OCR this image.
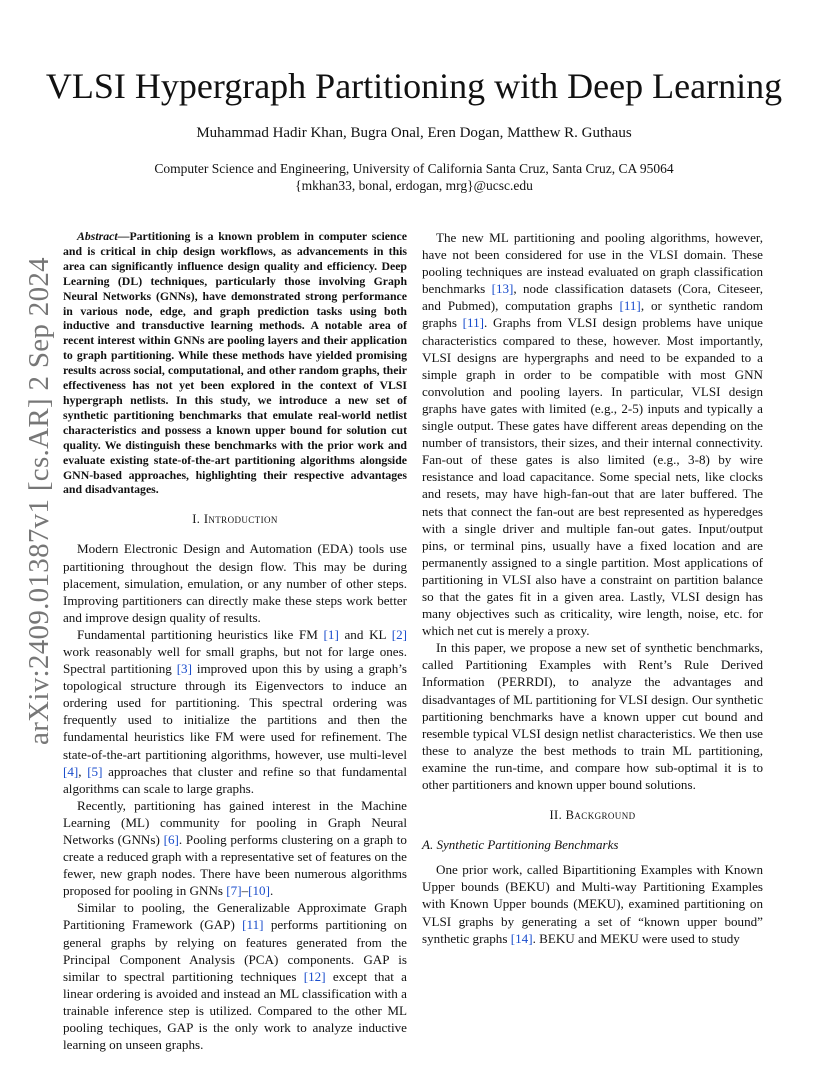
arXiv:2409.01387v1 [cs.AR] 2 Sep 2024
VLSI Hypergraph Partitioning with Deep Learning
Muhammad Hadir Khan, Bugra Onal, Eren Dogan, Matthew R. Guthaus
Computer Science and Engineering, University of California Santa Cruz, Santa Cruz, CA 95064
{mkhan33, bonal, erdogan, mrg}@ucsc.edu

Abstract—Partitioning is a known problem in computer science and is critical in chip design workflows, as advancements in this area can significantly influence design quality and efficiency. Deep Learning (DL) techniques, particularly those involving Graph Neural Networks (GNNs), have demonstrated strong performance in various node, edge, and graph prediction tasks using both inductive and transductive learning methods. A notable area of recent interest within GNNs are pooling layers and their application to graph partitioning. While these methods have yielded promising results across social, computational, and other random graphs, their effectiveness has not yet been explored in the context of VLSI hypergraph netlists. In this study, we introduce a new set of synthetic partitioning benchmarks that emulate real-world netlist characteristics and possess a known upper bound for solution cut quality. We distinguish these benchmarks with the prior work and evaluate existing state-of-the-art partitioning algorithms alongside GNN-based approaches, highlighting their respective advantages and disadvantages.

I. Introduction

Modern Electronic Design and Automation (EDA) tools use partitioning throughout the design flow. This may be during placement, simulation, emulation, or any number of other steps. Improving partitioners can directly make these steps work better and improve design quality of results.

Fundamental partitioning heuristics like FM [1] and KL [2] work reasonably well for small graphs, but not for large ones. Spectral partitioning [3] improved upon this by using a graph’s topological structure through its Eigenvectors to induce an ordering used for partitioning. This spectral ordering was frequently used to initialize the partitions and then the fundamental heuristics like FM were used for refinement. The state-of-the-art partitioning algorithms, however, use multi-level [4], [5] approaches that cluster and refine so that fundamental algorithms can scale to large graphs.

Recently, partitioning has gained interest in the Machine Learning (ML) community for pooling in Graph Neural Networks (GNNs) [6]. Pooling performs clustering on a graph to create a reduced graph with a representative set of features on the fewer, new graph nodes. There have been numerous algorithms proposed for pooling in GNNs [7]–[10].

Similar to pooling, the Generalizable Approximate Graph Partitioning Framework (GAP) [11] performs partitioning on general graphs by relying on features generated from the Principal Component Analysis (PCA) components. GAP is similar to spectral partitioning techniques [12] except that a linear ordering is avoided and instead an ML classification with a trainable inference step is utilized. Compared to the other ML pooling techiques, GAP is the only work to analyze inductive learning on unseen graphs.

The new ML partitioning and pooling algorithms, however, have not been considered for use in the VLSI domain. These pooling techniques are instead evaluated on graph classification benchmarks [13], node classification datasets (Cora, Citeseer, and Pubmed), computation graphs [11], or synthetic random graphs [11]. Graphs from VLSI design problems have unique characteristics compared to these, however. Most importantly, VLSI designs are hypergraphs and need to be expanded to a simple graph in order to be compatible with most GNN convolution and pooling layers. In particular, VLSI design graphs have gates with limited (e.g., 2-5) inputs and typically a single output. These gates have different areas depending on the number of transistors, their sizes, and their internal connectivity. Fan-out of these gates is also limited (e.g., 3-8) by wire resistance and load capacitance. Some special nets, like clocks and resets, may have high-fan-out that are later buffered. The nets that connect the fan-out are best represented as hyperedges with a single driver and multiple fan-out gates. Input/output pins, or terminal pins, usually have a fixed location and are permanently assigned to a single partition. Most applications of partitioning in VLSI also have a constraint on partition balance so that the gates fit in a given area. Lastly, VLSI design has many objectives such as criticality, wire length, noise, etc. for which net cut is merely a proxy.

In this paper, we propose a new set of synthetic benchmarks, called Partitioning Examples with Rent’s Rule Derived Information (PERRDI), to analyze the advantages and disadvantages of ML partitioning for VLSI design. Our synthetic partitioning benchmarks have a known upper cut bound and resemble typical VLSI design netlist characteristics. We then use these to analyze the best methods to train ML partitioning, examine the run-time, and compare how sub-optimal it is to other partitioners and known upper bound solutions.

II. Background
A. Synthetic Partitioning Benchmarks

One prior work, called Bipartitioning Examples with Known Upper bounds (BEKU) and Multi-way Partitioning Examples with Known Upper bounds (MEKU), examined partitioning on VLSI graphs by generating a set of “known upper bound” synthetic graphs [14]. BEKU and MEKU were used to study
